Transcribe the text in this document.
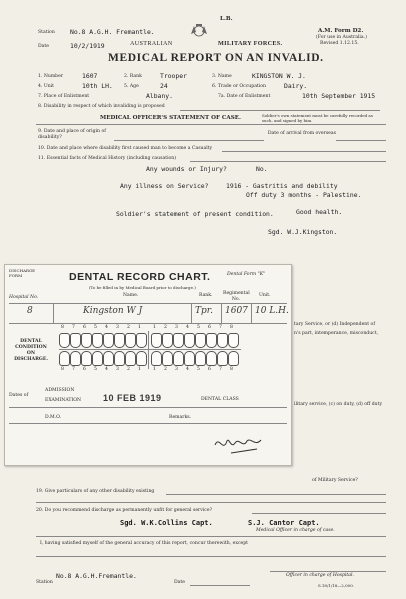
Station No.8 A.G.H. Fremantle.
Date	10/2/1919
L.B.
AUSTRALIAN	MILITARY FORCES.
A.M. Form D2.
(For use in Australia.)
Revised 1.12.15.
MEDICAL REPORT ON AN INVALID.
1. Number	1607	2. Rank	Trooper	3. Name	KINGSTON W. J.
4. Unit	10th LH. 5. Age	24	6. Trade or Occupation	Dairy.
7. Place of Enlistment	Albany.	7a. Date of Enlistment	10th September 1915
8. Disability in respect of which invaliding is proposed
MEDICAL OFFICER'S STATEMENT OF CASE.	Soldier's own statement must be carefully recorded as such, and signed by him.
9. Date and place of origin of disability?
Date of arrival from overseas
10. Date and place where disability first caused man to become a Casualty
11. Essential facts of Medical History (including causation)
Any wounds or Injury?	No.
Any illness on Service?	1916 - Gastritis and debility
Off duty 3 months - Palestine.
Soldier's statement of present condition.	Good health.
Sgd. W.J.Kingston.
tary Service, or (d) Independent of
n's part, intemperance, misconduct,
ilitary service, (c) on duty, (d) off duty
of Military Service?
DISCHARGE FORM	DENTAL RECORD CHART.	Dental Form "K"
(To be filled in by Medical Board prior to discharge.)
Hospital No.	Name.	Rank. Regimental No.
Unit.
8	Kingston W J	Tpr. 1607 10 L.H.
DENTAL
CONDITION
ON
DISCHARGE.
8 7 6 5 4 3 2 1	1 2 3 4 5 6 7 8
8 7 6 5 4 3 2 1	1 2 3 4 5 6 7 8
Dates of
ADMISSION
EXAMINATION 10 FEB 1919	DENTAL CLASS
D.M.O.	Remarks.
19. Give particulars of any other disability existing
20. Do you recommend discharge as permanently unfit for general service?
Sgd. W.K.Collins Capt.	S.J. Cantor Capt.
Medical Officer in charge of case.
I, having satisfied myself of the general accuracy of this report, concur therewith, except
Station
No.8 A.G.H.Fremantle.
Date
Officer in charge of Hospital.
S.18/1/18—2,000.
